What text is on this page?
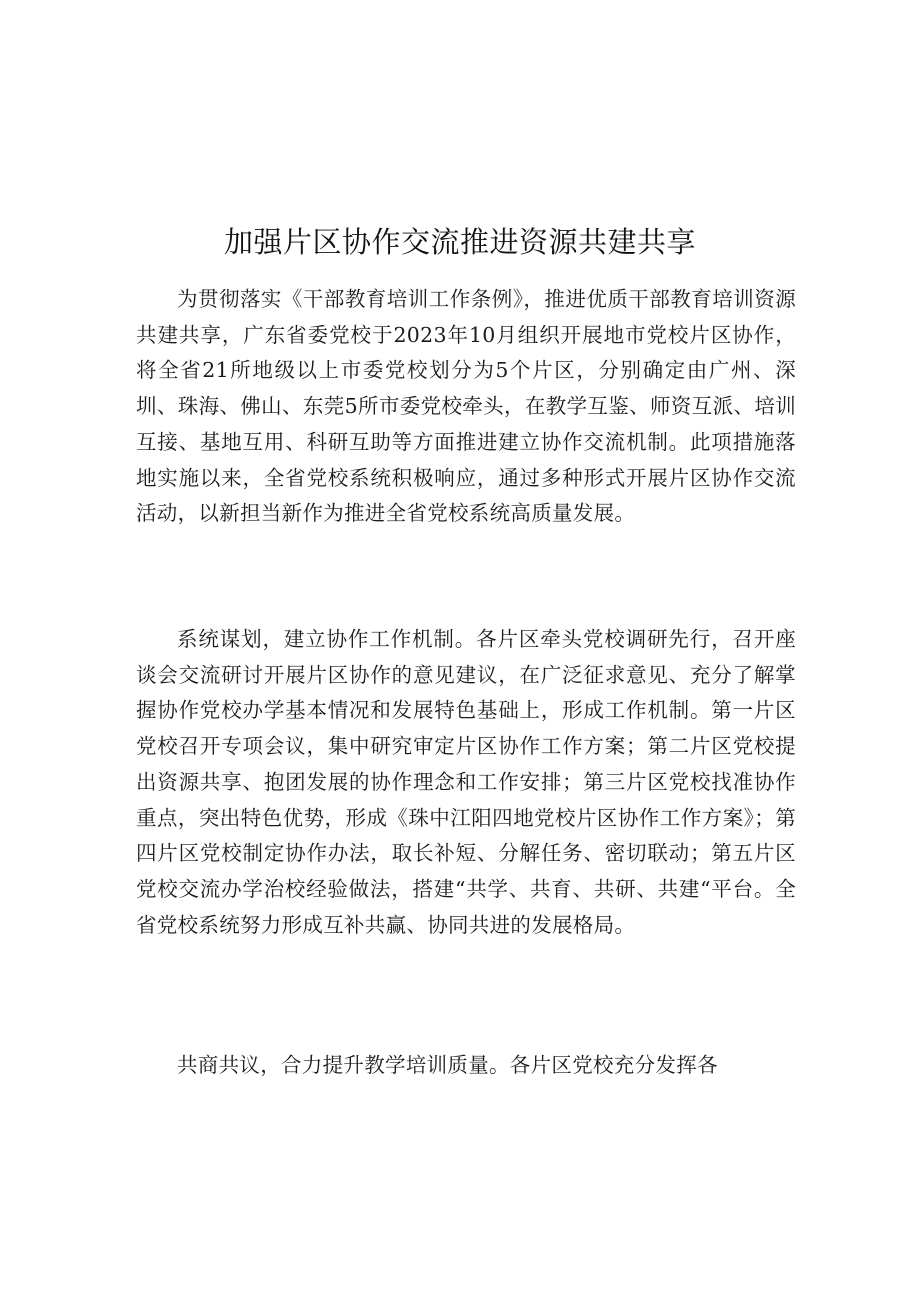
加强片区协作交流推进资源共建共享

为贯彻落实《干部教育培训工作条例》，推进优质干部教育培训资源共建共享，广东省委党校于2023年10月组织开展地市党校片区协作，将全省21所地级以上市委党校划分为5个片区，分别确定由广州、深圳、珠海、佛山、东莞5所市委党校牵头，在教学互鉴、师资互派、培训互接、基地互用、科研互助等方面推进建立协作交流机制。此项措施落地实施以来，全省党校系统积极响应，通过多种形式开展片区协作交流活动，以新担当新作为推进全省党校系统高质量发展。

系统谋划，建立协作工作机制。各片区牵头党校调研先行，召开座谈会交流研讨开展片区协作的意见建议，在广泛征求意见、充分了解掌握协作党校办学基本情况和发展特色基础上，形成工作机制。第一片区党校召开专项会议，集中研究审定片区协作工作方案；第二片区党校提出资源共享、抱团发展的协作理念和工作安排；第三片区党校找准协作重点，突出特色优势，形成《珠中江阳四地党校片区协作工作方案》；第四片区党校制定协作办法，取长补短、分解任务、密切联动；第五片区党校交流办学治校经验做法，搭建“共学、共育、共研、共建“平台。全省党校系统努力形成互补共赢、协同共进的发展格局。

共商共议，合力提升教学培训质量。各片区党校充分发挥各
